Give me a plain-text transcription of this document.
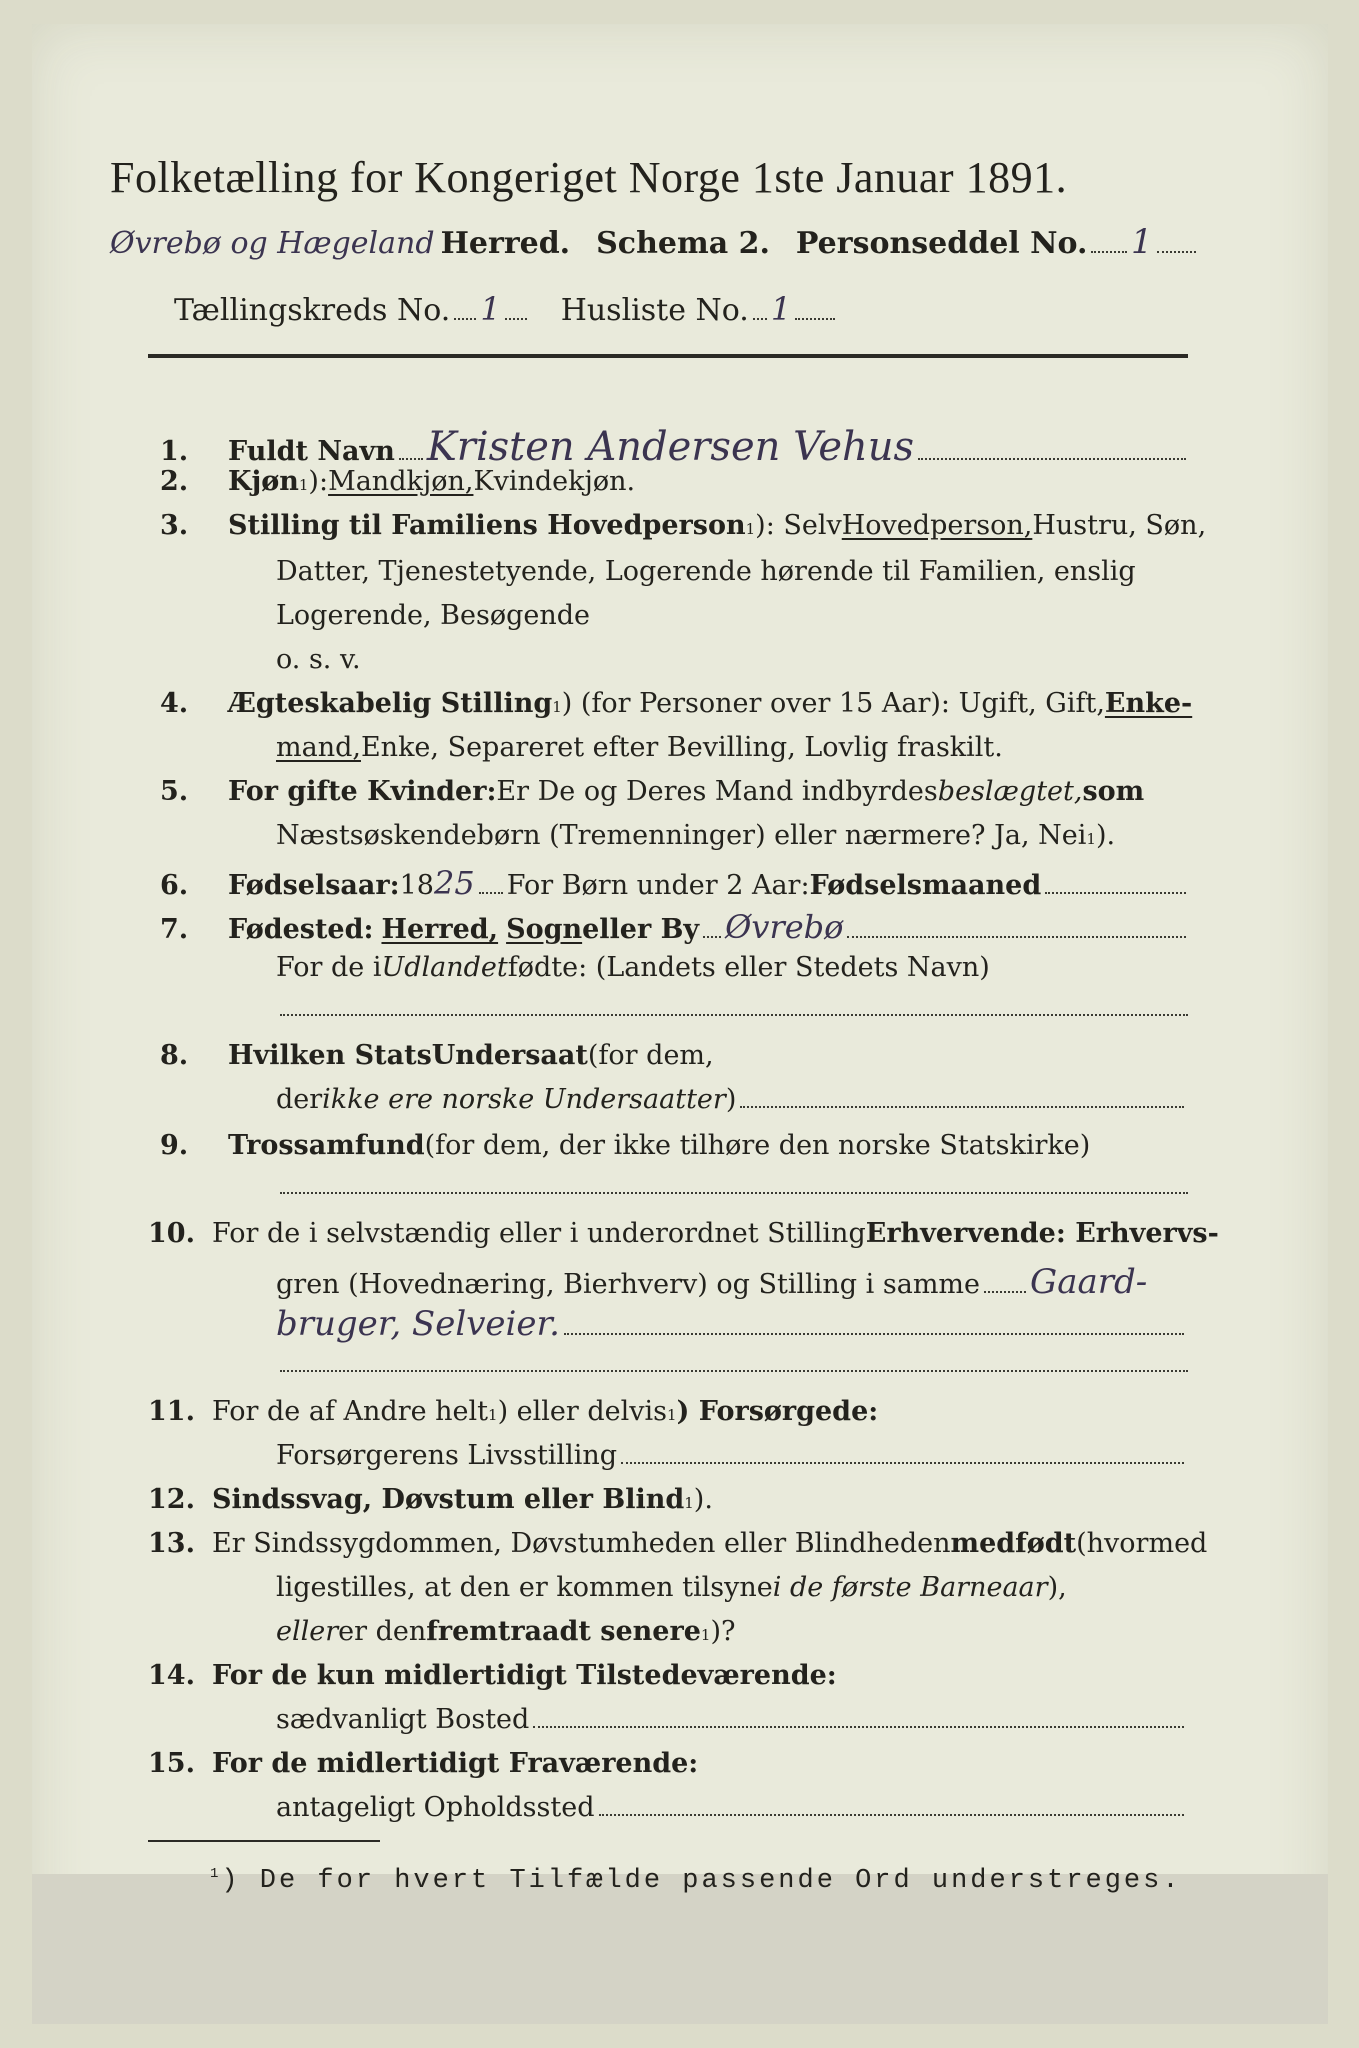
Folketælling for Kongeriget Norge 1ste Januar 1891.
Øvrebø og Hægeland Herred. Schema 2. Personseddel No. 1
Tællingskreds No. 1 Husliste No. 1
1.	Fuldt Navn Kristen Andersen Vehus
2.	Kjøn 1 ): Mandkjøn, Kvindekjøn.
3.	Stilling til Familiens Hovedperson 1 ): Selv Hovedperson, Hustru, Søn,
Datter, Tjenestetyende, Logerende hørende til Familien, enslig
Logerende, Besøgende
o. s. v.
4.	Ægteskabelig Stilling 1 ) (for Personer over 15 Aar): Ugift, Gift, Enke-
mand, Enke, Separeret efter Bevilling, Lovlig fraskilt.
5.	For gifte Kvinder: Er De og Deres Mand indbyrdes beslægtet, som
Næstsøskendebørn (Tremenninger) eller nærmere? Ja, Nei 1 ).
6.	Fødselsaar: 18 25 For Børn under 2 Aar: Fødselsmaaned
7.	Fødested: Herred, Sogn eller By Øvrebø
For de i Udlandet fødte: (Landets eller Stedets Navn)
8.	Hvilken Stats Undersaat (for dem,
der ikke ere norske Undersaatter )
9.	Trossamfund (for dem, der ikke tilhøre den norske Statskirke)
10. For de i selvstændig eller i underordnet Stilling Erhvervende: Erhvervs-
gren (Hovednæring, Bierhverv) og Stilling i samme Gaard-
bruger, Selveier.
11. For de af Andre helt 1 ) eller delvis 1 ) Forsørgede:
Forsørgerens Livsstilling
12. Sindssvag, Døvstum eller Blind 1 ).
13. Er Sindssygdommen, Døvstumheden eller Blindheden medfødt (hvormed
ligestilles, at den er kommen tilsyne i de første Barneaar ),
eller er den fremtraadt senere 1 )?
14. For de kun midlertidigt Tilstedeværende:
sædvanligt Bosted
15. For de midlertidigt Fraværende:
antageligt Opholdssted
$^1$) De for hvert Tilfælde passende Ord understreges.
